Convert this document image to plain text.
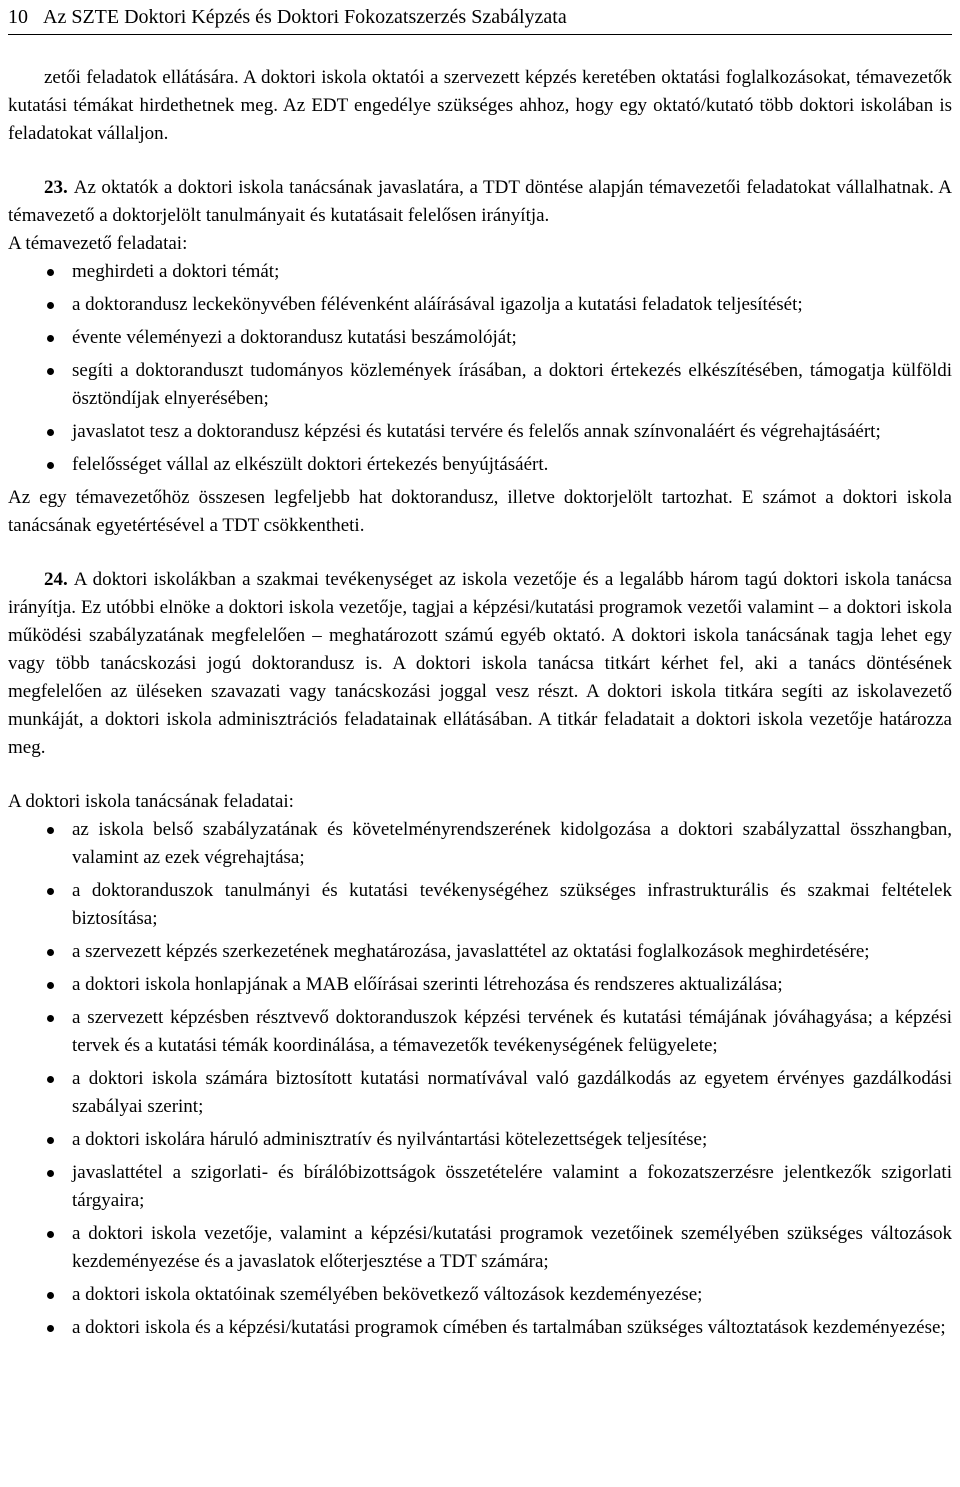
10 Az SZTE Doktori Képzés és Doktori Fokozatszerzés Szabályzata

zetői feladatok ellátására. A doktori iskola oktatói a szervezett képzés keretében oktatási foglalkozásokat, témavezetők kutatási témákat hirdethetnek meg. Az EDT engedélye szükséges ahhoz, hogy egy oktató/kutató több doktori iskolában is feladatokat vállaljon.

23. Az oktatók a doktori iskola tanácsának javaslatára, a TDT döntése alapján témavezetői feladatokat vállalhatnak. A témavezető a doktorjelölt tanulmányait és kutatásait felelősen irányítja.

A témavezető feladatai:

meghirdeti a doktori témát;
a doktorandusz leckekönyvében félévenként aláírásával igazolja a kutatási feladatok teljesítését;
évente véleményezi a doktorandusz kutatási beszámolóját;
segíti a doktoranduszt tudományos közlemények írásában, a doktori értekezés elkészítésében, támogatja külföldi ösztöndíjak elnyerésében;
javaslatot tesz a doktorandusz képzési és kutatási tervére és felelős annak színvonaláért és végrehajtásáért;
felelősséget vállal az elkészült doktori értekezés benyújtásáért.

Az egy témavezetőhöz összesen legfeljebb hat doktorandusz, illetve doktorjelölt tartozhat. E számot a doktori iskola tanácsának egyetértésével a TDT csökkentheti.

24. A doktori iskolákban a szakmai tevékenységet az iskola vezetője és a legalább három tagú doktori iskola tanácsa irányítja. Ez utóbbi elnöke a doktori iskola vezetője, tagjai a képzési/kutatási programok vezetői valamint – a doktori iskola működési szabályzatának megfelelően – meghatározott számú egyéb oktató. A doktori iskola tanácsának tagja lehet egy vagy több tanácskozási jogú doktorandusz is. A doktori iskola tanácsa titkárt kérhet fel, aki a tanács döntésének megfelelően az üléseken szavazati vagy tanácskozási joggal vesz részt. A doktori iskola titkára segíti az iskolavezető munkáját, a doktori iskola adminisztrációs feladatainak ellátásában. A titkár feladatait a doktori iskola vezetője határozza meg.

A doktori iskola tanácsának feladatai:

az iskola belső szabályzatának és követelményrendszerének kidolgozása a doktori szabályzattal összhangban, valamint az ezek végrehajtása;
a doktoranduszok tanulmányi és kutatási tevékenységéhez szükséges infrastrukturális és szakmai feltételek biztosítása;
a szervezett képzés szerkezetének meghatározása, javaslattétel az oktatási foglalkozások meghirdetésére;
a doktori iskola honlapjának a MAB előírásai szerinti létrehozása és rendszeres aktualizálása;
a szervezett képzésben résztvevő doktoranduszok képzési tervének és kutatási témájának jóváhagyása; a képzési tervek és a kutatási témák koordinálása, a témavezetők tevékenységének felügyelete;
a doktori iskola számára biztosított kutatási normatívával való gazdálkodás az egyetem érvényes gazdálkodási szabályai szerint;
a doktori iskolára háruló adminisztratív és nyilvántartási kötelezettségek teljesítése;
javaslattétel a szigorlati- és bírálóbizottságok összetételére valamint a fokozatszerzésre jelentkezők szigorlati tárgyaira;
a doktori iskola vezetője, valamint a képzési/kutatási programok vezetőinek személyében szükséges változások kezdeményezése és a javaslatok előterjesztése a TDT számára;
a doktori iskola oktatóinak személyében bekövetkező változások kezdeményezése;
a doktori iskola és a képzési/kutatási programok címében és tartalmában szükséges változtatások kezdeményezése;
